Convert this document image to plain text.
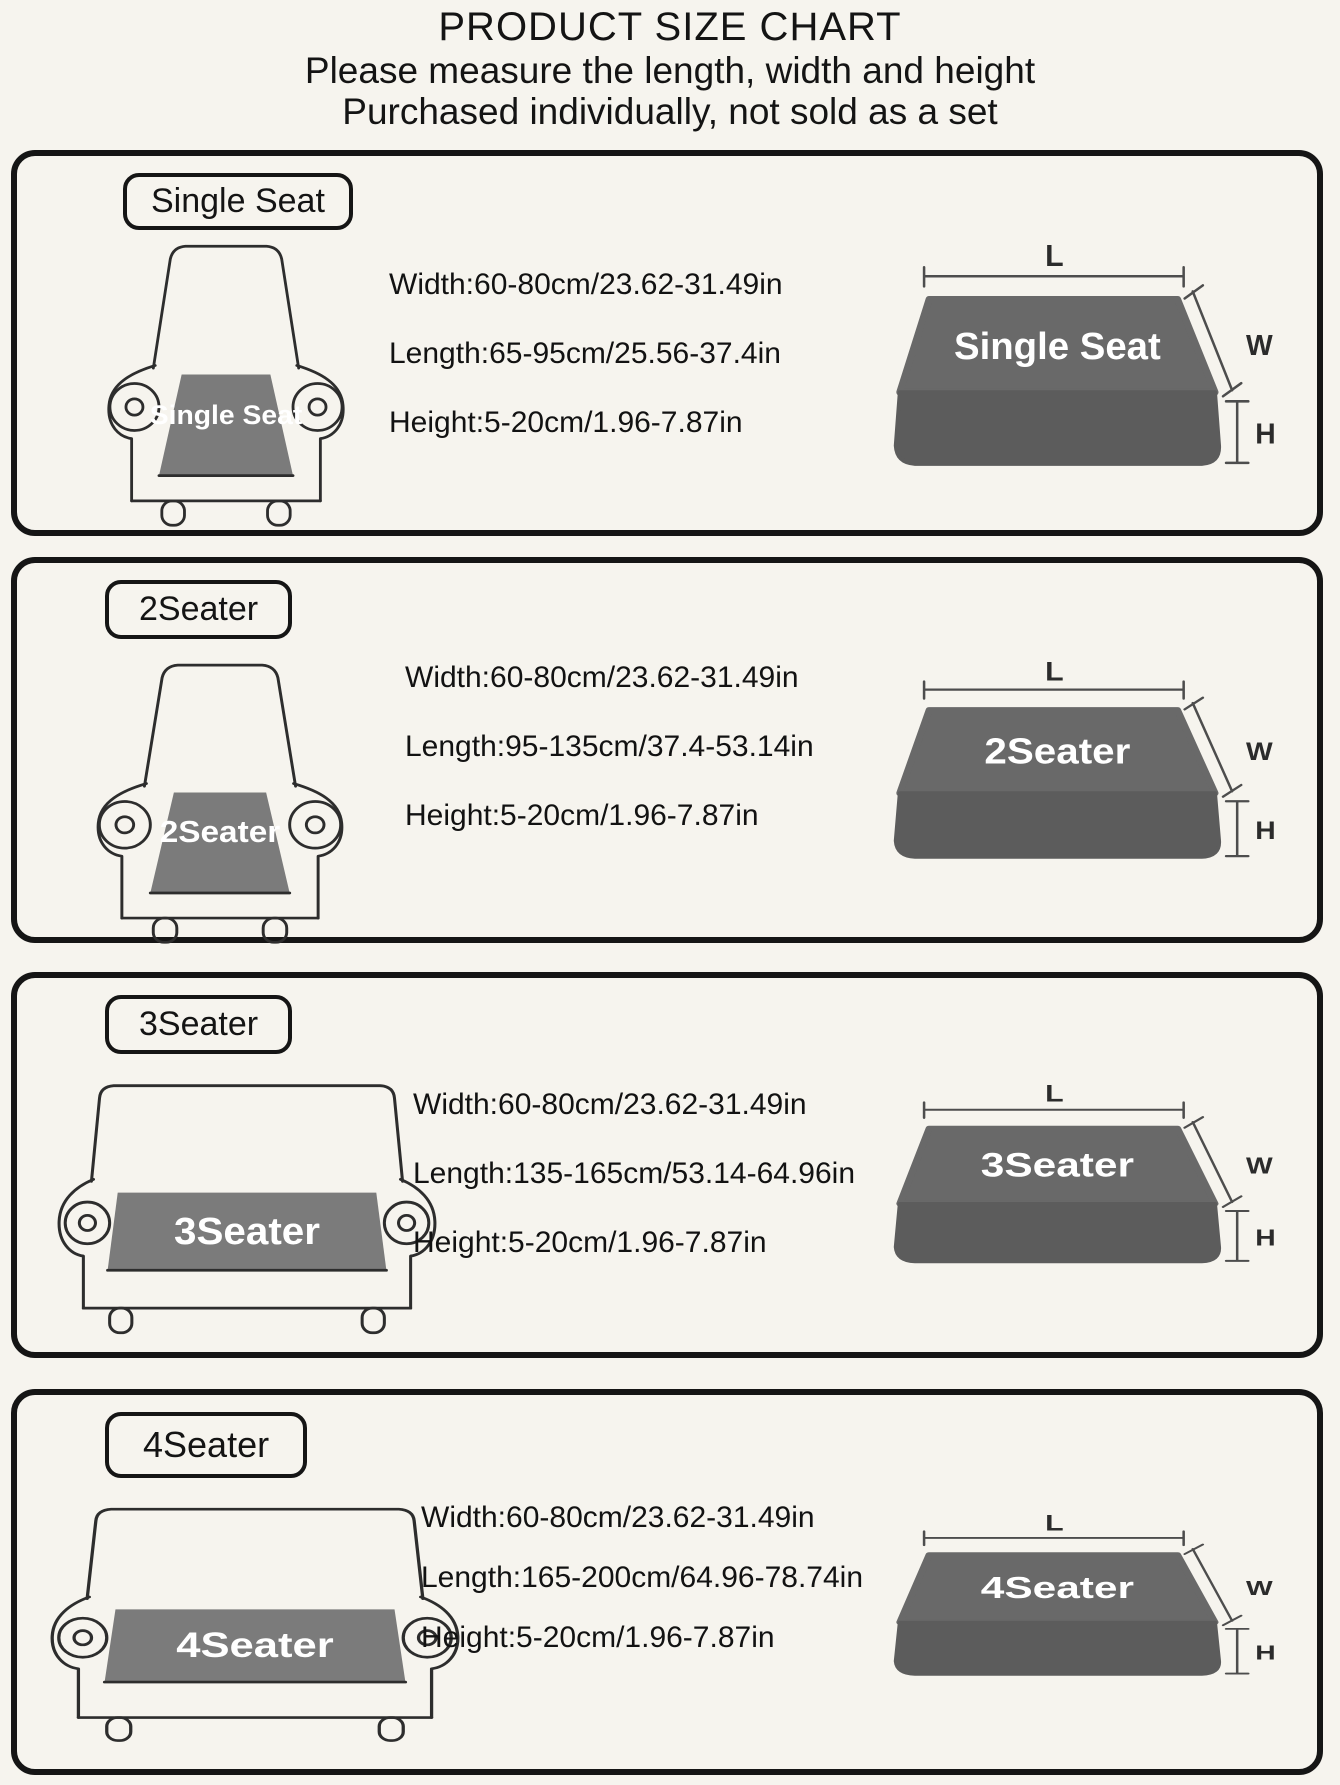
PRODUCT SIZE CHART
Please measure the length, width and height
Purchased individually, not sold as a set
Single Seat
Single Seat

Width:60-80cm/23.62-31.49in

Length:65-95cm/25.56-37.4in

Height:5-20cm/1.96-7.87in

L
W
H
Single Seat
2Seater
2Seater

Width:60-80cm/23.62-31.49in

Length:95-135cm/37.4-53.14in

Height:5-20cm/1.96-7.87in

L
W
H
2Seater
3Seater
3Seater

Width:60-80cm/23.62-31.49in

Length:135-165cm/53.14-64.96in

Height:5-20cm/1.96-7.87in

L
W
H
3Seater
4Seater
4Seater

Width:60-80cm/23.62-31.49in

Length:165-200cm/64.96-78.74in

Height:5-20cm/1.96-7.87in

L
W
H
4Seater
